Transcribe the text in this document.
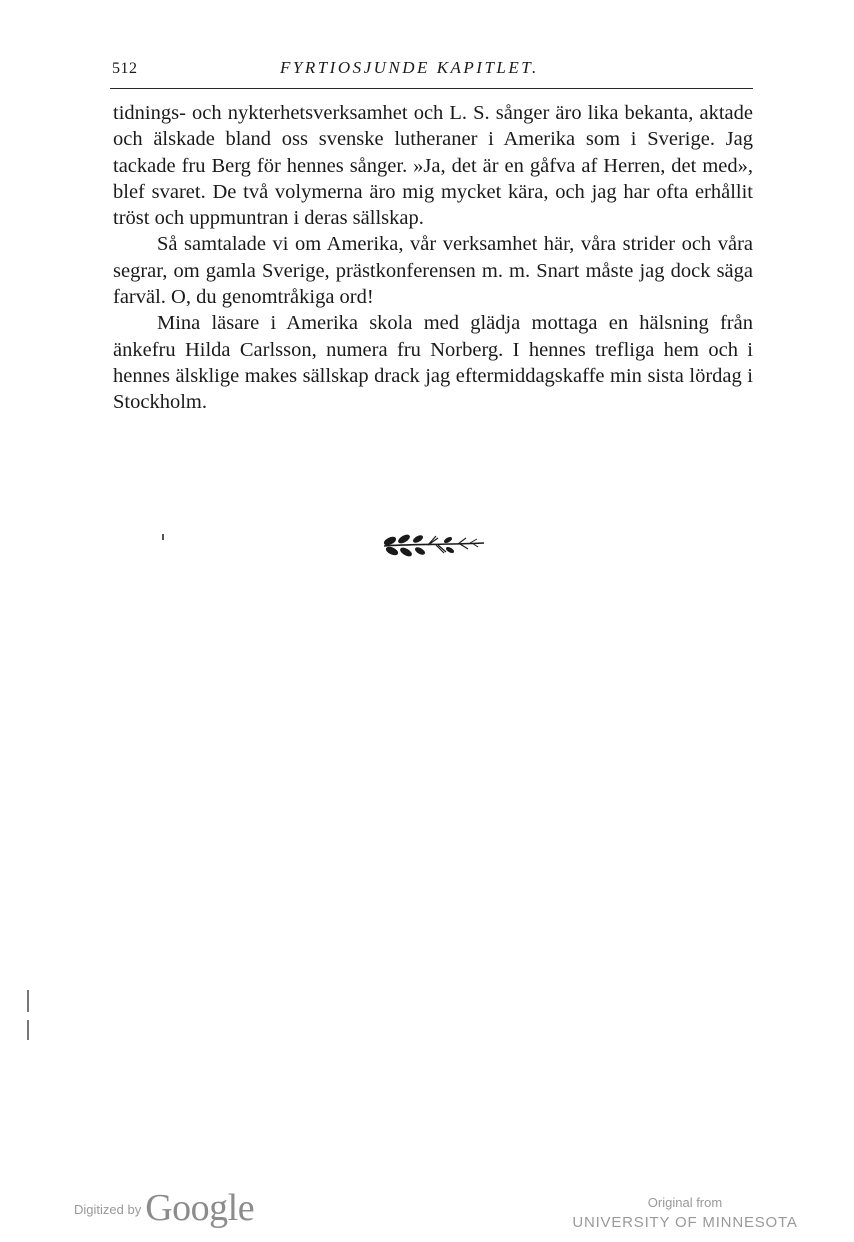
512	FYRTIOSJUNDE KAPITLET.

tidnings- och nykterhetsverksamhet och L. S. sånger äro lika bekanta, aktade och älskade bland oss svenske lutheraner i Amerika som i Sverige. Jag tackade fru Berg för hennes sånger. »Ja, det är en gåfva af Herren, det med», blef svaret. De två volymerna äro mig mycket kära, och jag har ofta erhållit tröst och uppmuntran i deras sällskap.

Så samtalade vi om Amerika, vår verksamhet här, våra strider och våra segrar, om gamla Sverige, prästkonferensen m. m. Snart måste jag dock säga farväl. O, du genomtråkiga ord!

Mina läsare i Amerika skola med glädja mottaga en hälsning från änkefru Hilda Carlsson, numera fru Norberg. I hennes trefliga hem och i hennes älsklige makes sällskap drack jag eftermiddagskaffe min sista lördag i Stockholm.

$^{Digitized by}$ Google	Original from
UNIVERSITY OF MINNESOTA
